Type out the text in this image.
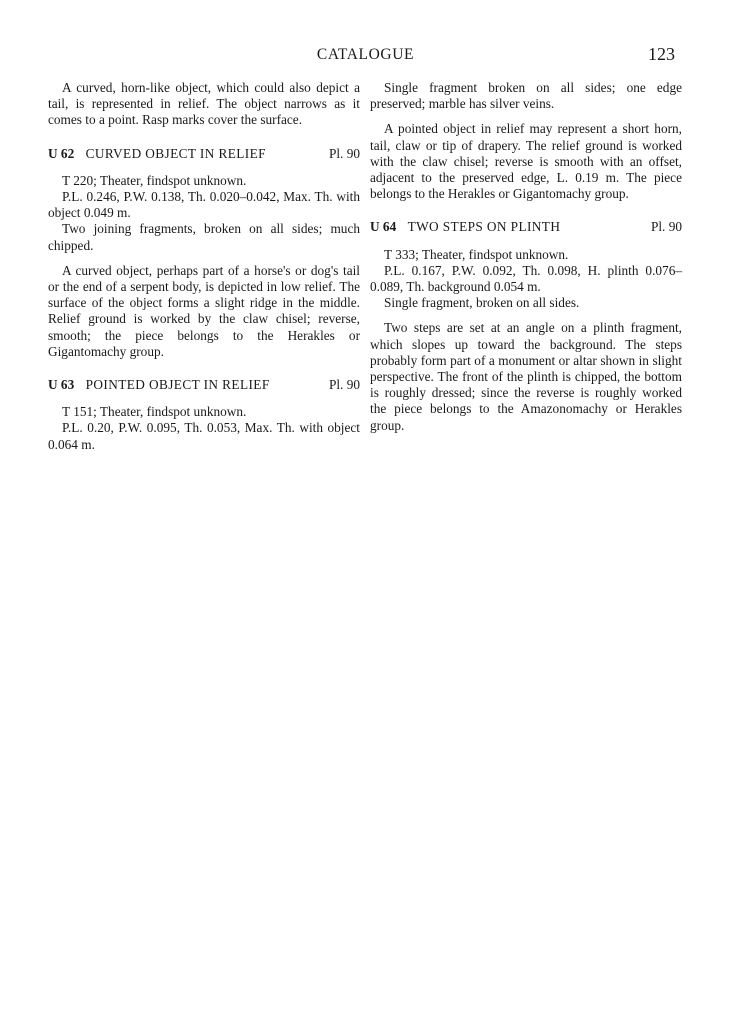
CATALOGUE	123

A curved, horn-like object, which could also depict a tail, is represented in relief. The object narrows as it comes to a point. Rasp marks cover the surface.

U 62 CURVED OBJECT IN RELIEF	Pl. 90

T 220; Theater, findspot unknown.

P.L. 0.246, P.W. 0.138, Th. 0.020–0.042, Max. Th. with object 0.049 m.

Two joining fragments, broken on all sides; much chipped.

A curved object, perhaps part of a horse's or dog's tail or the end of a serpent body, is depicted in low relief. The surface of the object forms a slight ridge in the middle. Relief ground is worked by the claw chisel; reverse, smooth; the piece belongs to the Herakles or Gigantomachy group.

U 63 POINTED OBJECT IN RELIEF	Pl. 90

T 151; Theater, findspot unknown.

P.L. 0.20, P.W. 0.095, Th. 0.053, Max. Th. with object 0.064 m.

Single fragment broken on all sides; one edge preserved; marble has silver veins.

A pointed object in relief may represent a short horn, tail, claw or tip of drapery. The relief ground is worked with the claw chisel; reverse is smooth with an offset, adjacent to the preserved edge, L. 0.19 m. The piece belongs to the Herakles or Gigantomachy group.

U 64 TWO STEPS ON PLINTH	Pl. 90

T 333; Theater, findspot unknown.

P.L. 0.167, P.W. 0.092, Th. 0.098, H. plinth 0.076–0.089, Th. background 0.054 m.

Single fragment, broken on all sides.

Two steps are set at an angle on a plinth fragment, which slopes up toward the background. The steps probably form part of a monument or altar shown in slight perspective. The front of the plinth is chipped, the bottom is roughly dressed; since the reverse is roughly worked the piece belongs to the Amazonomachy or Herakles group.
